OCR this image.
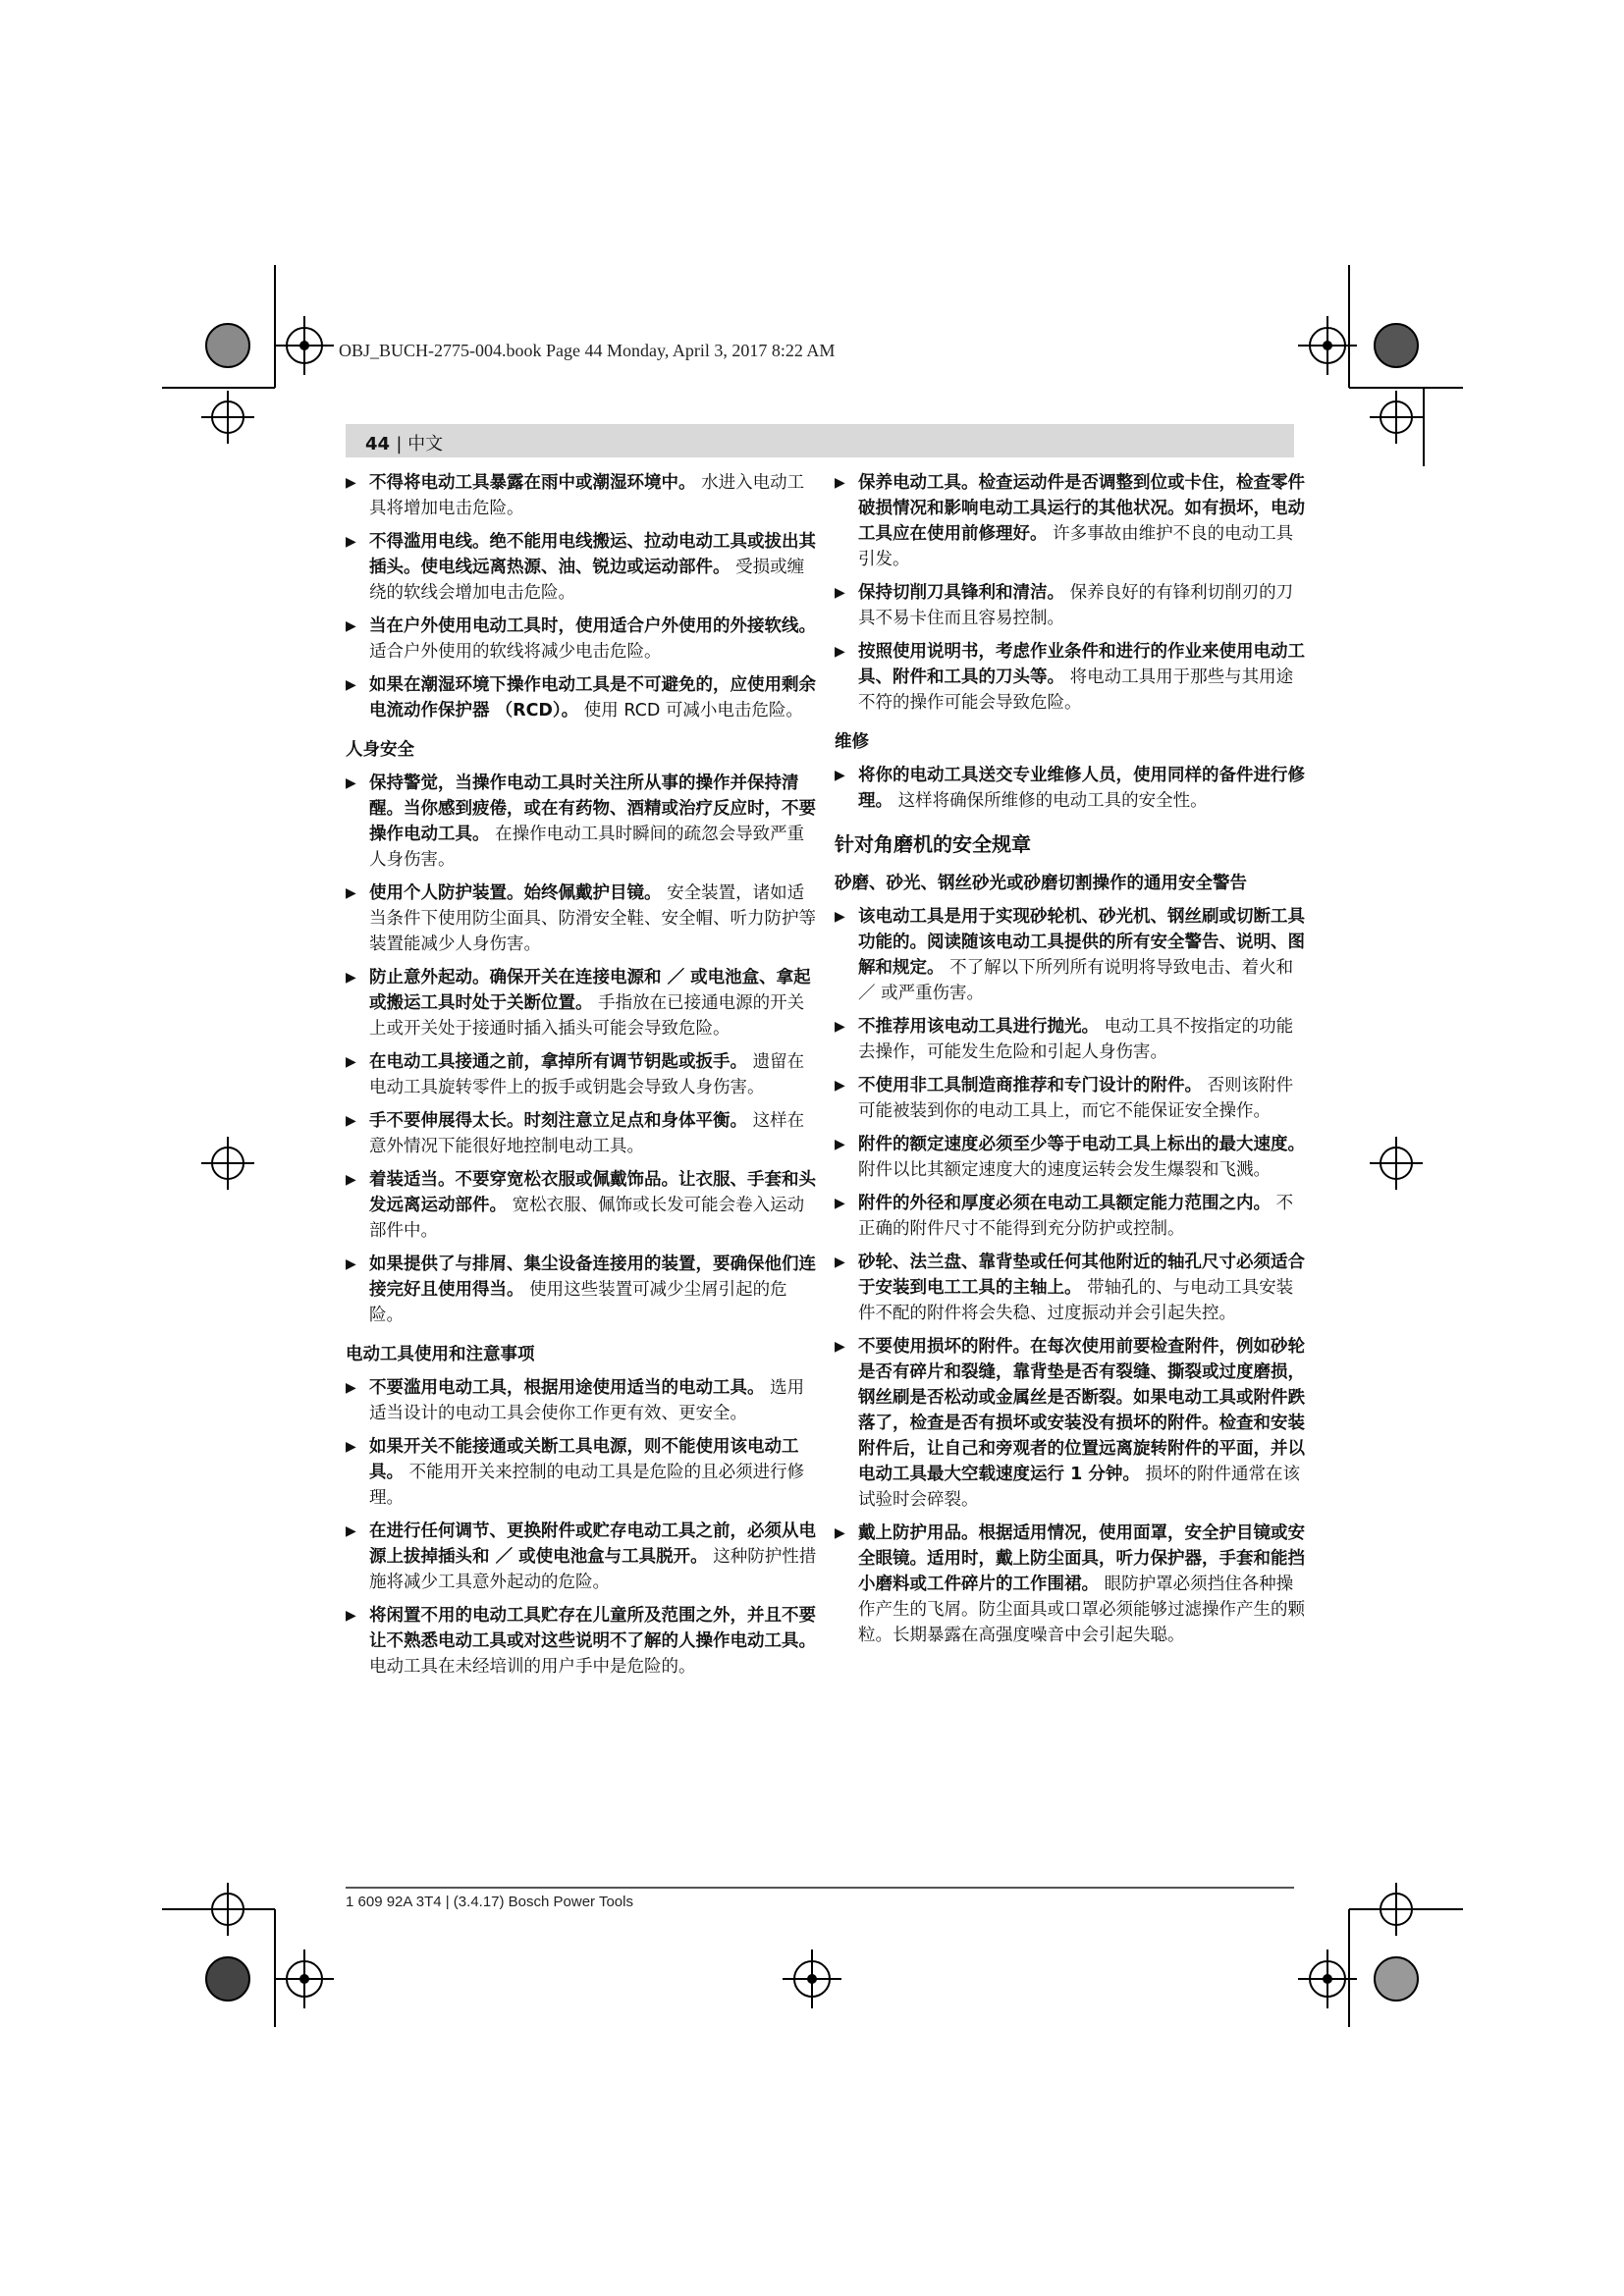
OBJ_BUCH-2775-004.book Page 44 Monday, April 3, 2017 8:22 AM
44 | 中文
▶ 不得将电动工具暴露在雨中或潮湿环境中。 水进入电动工具将增加电击危险。
▶ 不得滥用电线。绝不能用电线搬运、拉动电动工具或拔出其插头。使电线远离热源、油、锐边或运动部件。 受损或缠绕的软线会增加电击危险。
▶ 当在户外使用电动工具时，使用适合户外使用的外接软线。 适合户外使用的软线将减少电击危险。
▶ 如果在潮湿环境下操作电动工具是不可避免的，应使用剩余电流动作保护器 （RCD）。 使用 RCD 可减小电击危险。
人身安全
▶ 保持警觉，当操作电动工具时关注所从事的操作并保持清醒。当你感到疲倦，或在有药物、酒精或治疗反应时，不要操作电动工具。 在操作电动工具时瞬间的疏忽会导致严重人身伤害。
▶ 使用个人防护装置。始终佩戴护目镜。 安全装置，诸如适当条件下使用防尘面具、防滑安全鞋、安全帽、听力防护等装置能减少人身伤害。
▶ 防止意外起动。确保开关在连接电源和 ／ 或电池盒、拿起或搬运工具时处于关断位置。 手指放在已接通电源的开关上或开关处于接通时插入插头可能会导致危险。
▶ 在电动工具接通之前，拿掉所有调节钥匙或扳手。 遗留在电动工具旋转零件上的扳手或钥匙会导致人身伤害。
▶ 手不要伸展得太长。时刻注意立足点和身体平衡。 这样在意外情况下能很好地控制电动工具。
▶ 着装适当。不要穿宽松衣服或佩戴饰品。让衣服、手套和头发远离运动部件。 宽松衣服、佩饰或长发可能会卷入运动部件中。
▶ 如果提供了与排屑、集尘设备连接用的装置，要确保他们连接完好且使用得当。 使用这些装置可减少尘屑引起的危险。
电动工具使用和注意事项
▶ 不要滥用电动工具，根据用途使用适当的电动工具。 选用适当设计的电动工具会使你工作更有效、更安全。
▶ 如果开关不能接通或关断工具电源，则不能使用该电动工具。 不能用开关来控制的电动工具是危险的且必须进行修理。
▶ 在进行任何调节、更换附件或贮存电动工具之前，必须从电源上拔掉插头和 ／ 或使电池盒与工具脱开。 这种防护性措施将减少工具意外起动的危险。
▶ 将闲置不用的电动工具贮存在儿童所及范围之外，并且不要让不熟悉电动工具或对这些说明不了解的人操作电动工具。 电动工具在未经培训的用户手中是危险的。
▶ 保养电动工具。检查运动件是否调整到位或卡住，检查零件破损情况和影响电动工具运行的其他状况。如有损坏，电动工具应在使用前修理好。 许多事故由维护不良的电动工具引发。
▶ 保持切削刀具锋利和清洁。 保养良好的有锋利切削刃的刀具不易卡住而且容易控制。
▶ 按照使用说明书，考虑作业条件和进行的作业来使用电动工具、附件和工具的刀头等。 将电动工具用于那些与其用途不符的操作可能会导致危险。
维修
▶ 将你的电动工具送交专业维修人员，使用同样的备件进行修理。 这样将确保所维修的电动工具的安全性。
针对角磨机的安全规章
砂磨、砂光、钢丝砂光或砂磨切割操作的通用安全警告
▶ 该电动工具是用于实现砂轮机、砂光机、钢丝刷或切断工具功能的。阅读随该电动工具提供的所有安全警告、说明、图解和规定。 不了解以下所列所有说明将导致电击、着火和 ／ 或严重伤害。
▶ 不推荐用该电动工具进行抛光。 电动工具不按指定的功能去操作，可能发生危险和引起人身伤害。
▶ 不使用非工具制造商推荐和专门设计的附件。 否则该附件可能被装到你的电动工具上，而它不能保证安全操作。
▶ 附件的额定速度必须至少等于电动工具上标出的最大速度。 附件以比其额定速度大的速度运转会发生爆裂和飞溅。
▶ 附件的外径和厚度必须在电动工具额定能力范围之内。 不正确的附件尺寸不能得到充分防护或控制。
▶ 砂轮、法兰盘、靠背垫或任何其他附近的轴孔尺寸必须适合于安装到电工工具的主轴上。 带轴孔的、与电动工具安装件不配的附件将会失稳、过度振动并会引起失控。
▶ 不要使用损坏的附件。在每次使用前要检查附件，例如砂轮是否有碎片和裂缝，靠背垫是否有裂缝、撕裂或过度磨损，钢丝刷是否松动或金属丝是否断裂。如果电动工具或附件跌落了，检查是否有损坏或安装没有损坏的附件。检查和安装附件后，让自己和旁观者的位置远离旋转附件的平面，并以电动工具最大空载速度运行 1 分钟。 损坏的附件通常在该试验时会碎裂。
▶ 戴上防护用品。根据适用情况，使用面罩，安全护目镜或安全眼镜。适用时，戴上防尘面具，听力保护器，手套和能挡小磨料或工件碎片的工作围裙。 眼防护罩必须挡住各种操作产生的飞屑。防尘面具或口罩必须能够过滤操作产生的颗粒。长期暴露在高强度噪音中会引起失聪。
1 609 92A 3T4 | (3.4.17) Bosch Power Tools
